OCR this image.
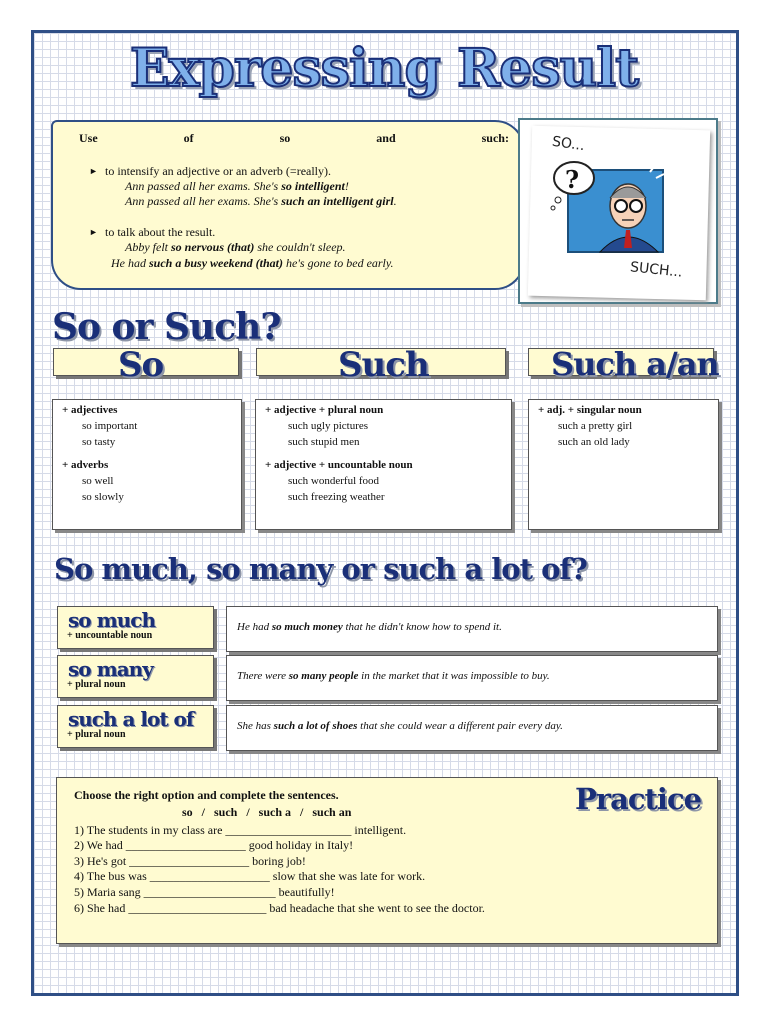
Expressing Result
Use	of	so	and	such:
► to intensify an adjective or an adverb (=really).
Ann passed all her exams. She's so intelligent!
Ann passed all her exams. She's such an intelligent girl.
► to talk about the result.
Abby felt so nervous (that) she couldn't sleep.
He had such a busy weekend (that) he's gone to bed early.
SO...
?
SUCH...
So or Such?
So	Such	Such a/an
+ adjectives
so important
so tasty
+ adverbs
so well
so slowly
+ adjective + plural noun
such ugly pictures
such stupid men
+ adjective + uncountable noun
such wonderful food
such freezing weather
+ adj. + singular noun
such a pretty girl
such an old lady
So much, so many or such a lot of?
so much
+ uncountable noun
He had so much money that he didn't know how to spend it.
so many
+ plural noun
There were so many people in the market that it was impossible to buy.
such a lot of
+ plural noun
She has such a lot of shoes that she could wear a different pair every day.
Choose the right option and complete the sentences.
so   /   such   /   such a   /   such an
1) The students in my class are _____________________ intelligent.
2) We had ____________________ good holiday in Italy!
3) He's got ____________________ boring job!
4) The bus was ____________________ slow that she was late for work.
5) Maria sang ______________________ beautifully!
6) She had _______________________ bad headache that she went to see the doctor.
Practice
